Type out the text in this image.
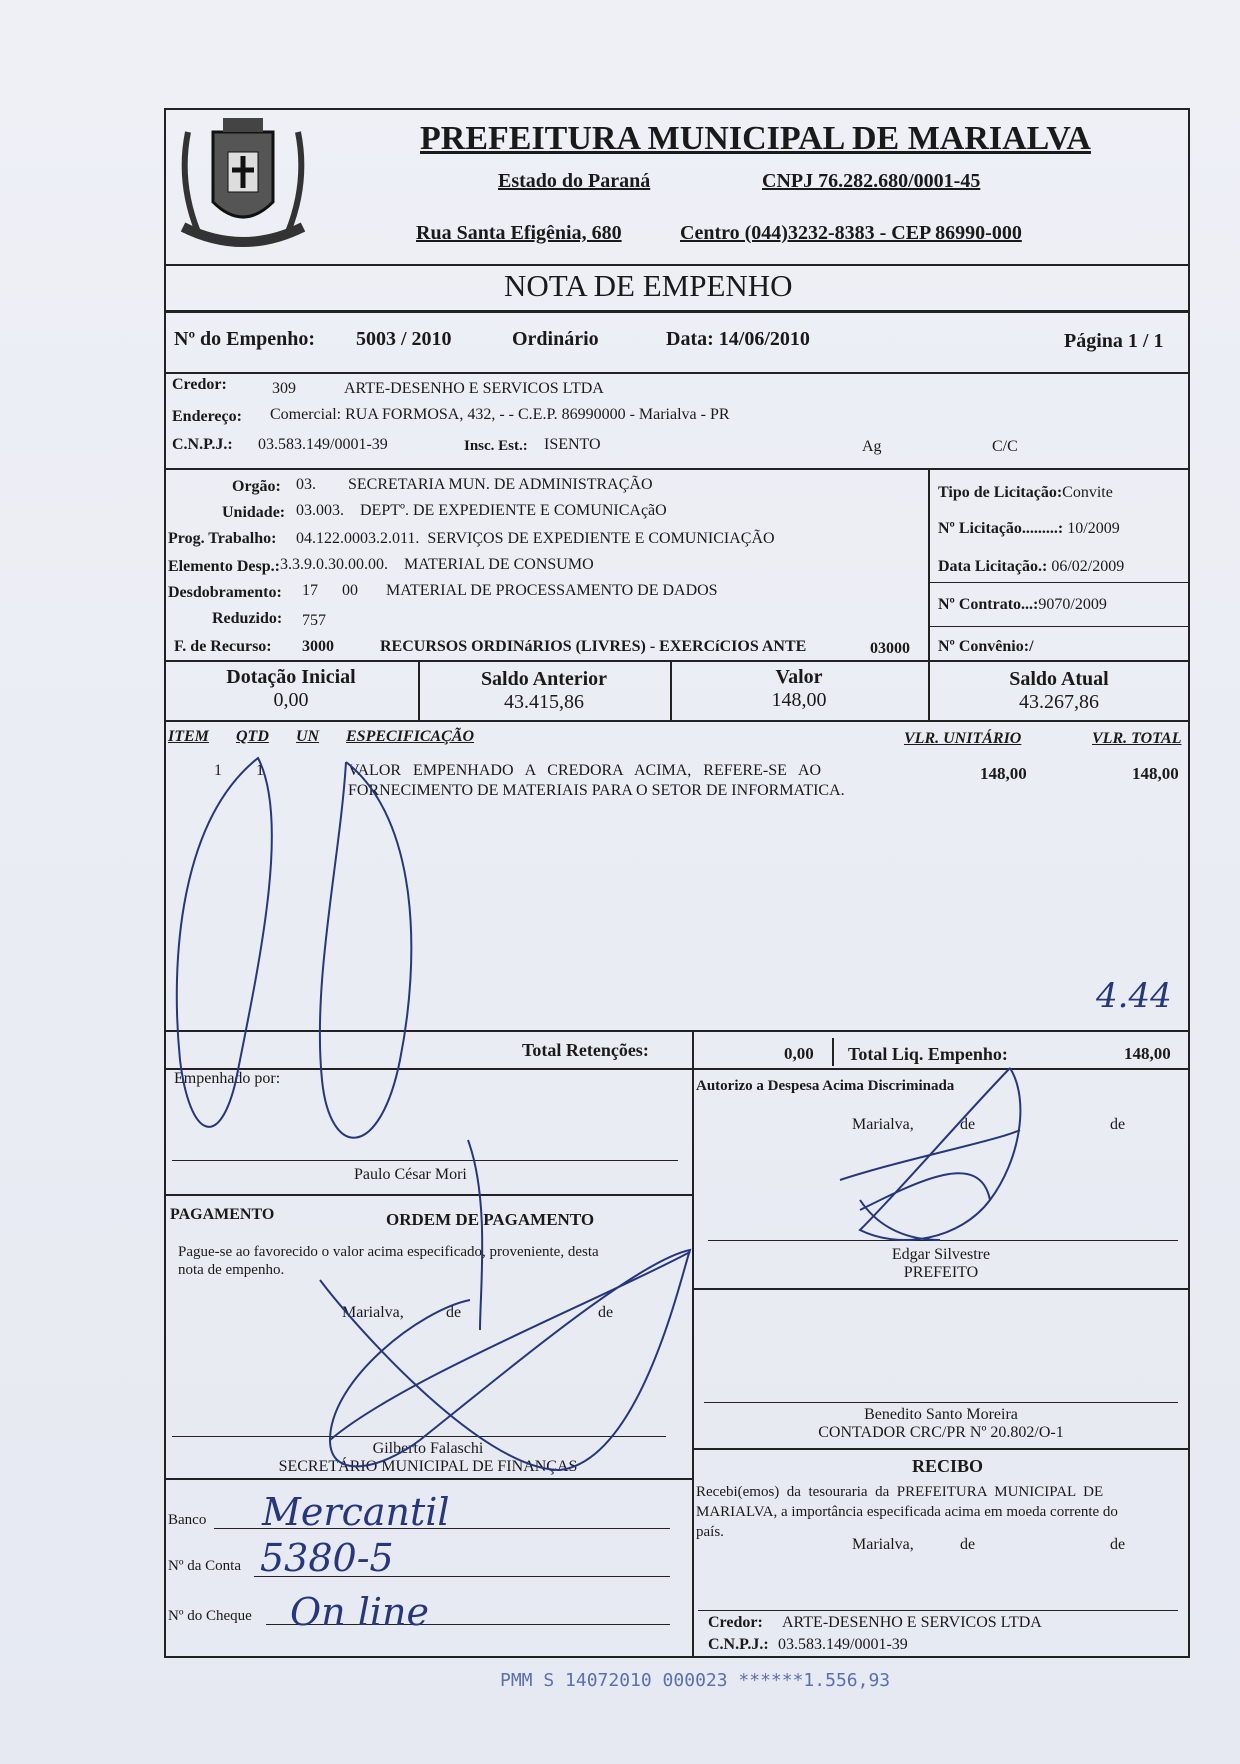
PREFEITURA MUNICIPAL DE MARIALVA
Estado do Paraná	CNPJ 76.282.680/0001-45
Rua Santa Efigênia, 680	Centro (044)3232-8383 - CEP 86990-000
NOTA DE EMPENHO
Nº do Empenho: 5003 / 2010	Ordinário	Data: 14/06/2010	Página 1 / 1
Credor:	309	ARTE-DESENHO E SERVICOS LTDA
Endereço: Comercial: RUA FORMOSA, 432, - - C.E.P. 86990000 - Marialva - PR
C.N.P.J.: 03.583.149/0001-39	Insc. Est.: ISENTO	Ag	C/C
Orgão: 03.        SECRETARIA MUN. DE ADMINISTRAÇÃO
Unidade: 03.003.    DEPTº. DE EXPEDIENTE E COMUNICAçãO
Prog. Trabalho: 04.122.0003.2.011.  SERVIÇOS DE EXPEDIENTE E COMUNICIAÇÃO
Elemento Desp.: 3.3.9.0.30.00.00.    MATERIAL DE CONSUMO
Desdobramento: 17      00       MATERIAL DE PROCESSAMENTO DE DADOS
Reduzido: 757
F. de Recurso: 3000	RECURSOS ORDINáRIOS (LIVRES) - EXERCíCIOS ANTE	03000
Tipo de Licitação:Convite
Nº Licitação.........: 10/2009
Data Licitação.: 06/02/2009
Nº Contrato...:9070/2009
Nº Convênio:/
Dotação Inicial
0,00
Saldo Anterior
43.415,86
Valor
148,00
Saldo Atual
43.267,86
ITEM QTD UN ESPECIFICAÇÃO	VLR. UNITÁRIO	VLR. TOTAL
1 1	VALOR   EMPENHADO   A   CREDORA   ACIMA,   REFERE-SE   AO
FORNECIMENTO DE MATERIAIS PARA O SETOR DE INFORMATICA.
148,00	148,00
4.44
Total Retenções:	0,00 Total Liq. Empenho:	148,00
Empenhado por:
Paulo César Mori
Autorizo a Despesa Acima Discriminada
Marialva,	de	de
Edgar Silvestre
PREFEITO
PAGAMENTO	ORDEM DE PAGAMENTO
Pague-se ao favorecido o valor acima especificado, proveniente, desta
nota de empenho.
Marialva,	de	de
Gilberto Falaschi
SECRETÁRIO MUNICIPAL DE FINANÇAS
Benedito Santo Moreira
CONTADOR CRC/PR Nº 20.802/O-1
Banco Mercantil
Nº da Conta 5380-5
Nº do Cheque On line
RECIBO
Recebi(emos)  da  tesouraria  da  PREFEITURA  MUNICIPAL  DE
MARIALVA, a importância especificada acima em moeda corrente do
país.
Marialva,	de	de
Credor: ARTE-DESENHO E SERVICOS LTDA
C.N.P.J.: 03.583.149/0001-39
PMM S 14072010 000023 ******1.556,93
